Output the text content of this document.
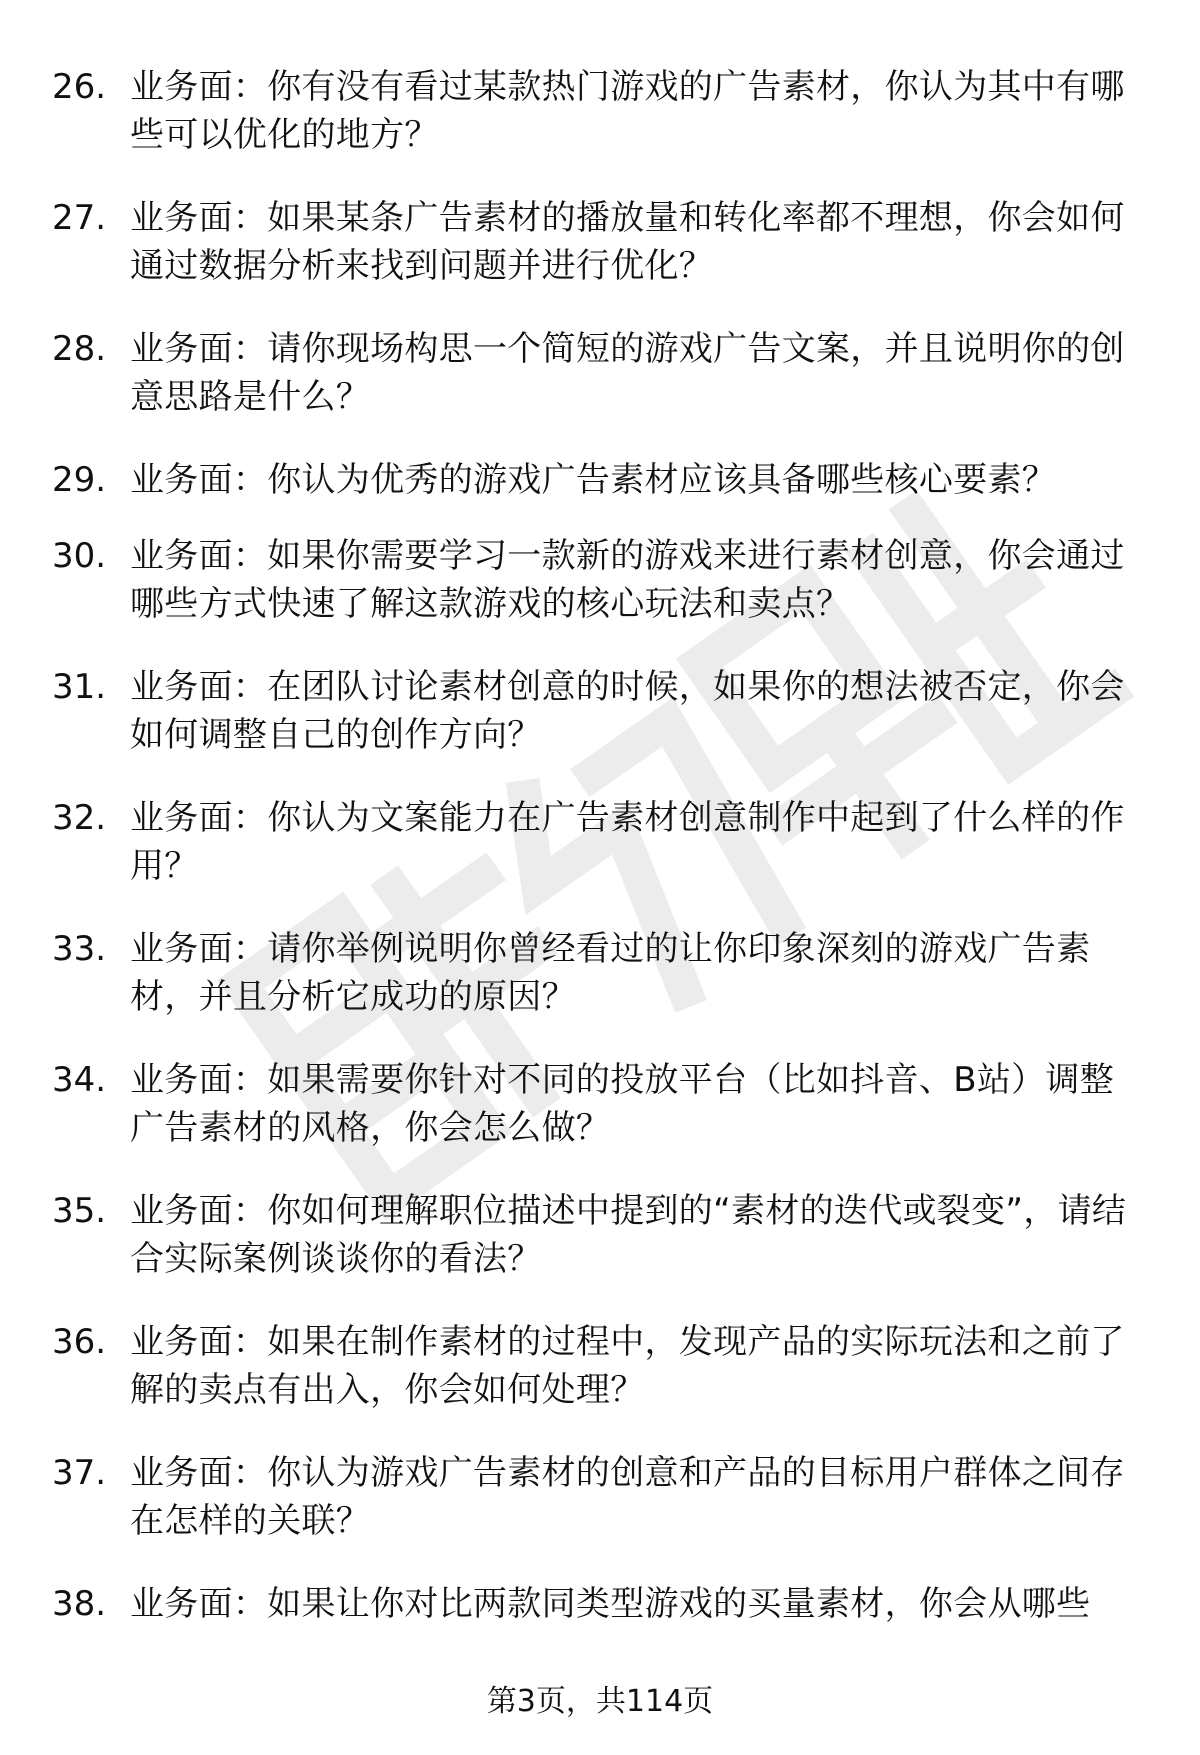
26. 业务面：你有没有看过某款热门游戏的广告素材，你认为其中有哪些可以优化的地方？
27. 业务面：如果某条广告素材的播放量和转化率都不理想，你会如何通过数据分析来找到问题并进行优化？
28. 业务面：请你现场构思一个简短的游戏广告文案，并且说明你的创意思路是什么？
29. 业务面：你认为优秀的游戏广告素材应该具备哪些核心要素？
30. 业务面：如果你需要学习一款新的游戏来进行素材创意，你会通过哪些方式快速了解这款游戏的核心玩法和卖点？
31. 业务面：在团队讨论素材创意的时候，如果你的想法被否定，你会如何调整自己的创作方向？
32. 业务面：你认为文案能力在广告素材创意制作中起到了什么样的作用？
33. 业务面：请你举例说明你曾经看过的让你印象深刻的游戏广告素材，并且分析它成功的原因？
34. 业务面：如果需要你针对不同的投放平台（比如抖音、B站）调整广告素材的风格，你会怎么做？
35. 业务面：你如何理解职位描述中提到的“素材的迭代或裂变”，请结合实际案例谈谈你的看法？
36. 业务面：如果在制作素材的过程中，发现产品的实际玩法和之前了解的卖点有出入，你会如何处理？
37. 业务面：你认为游戏广告素材的创意和产品的目标用户群体之间存在怎样的关联？
38. 业务面：如果让你对比两款同类型游戏的买量素材，你会从哪些
第3页，共114页
